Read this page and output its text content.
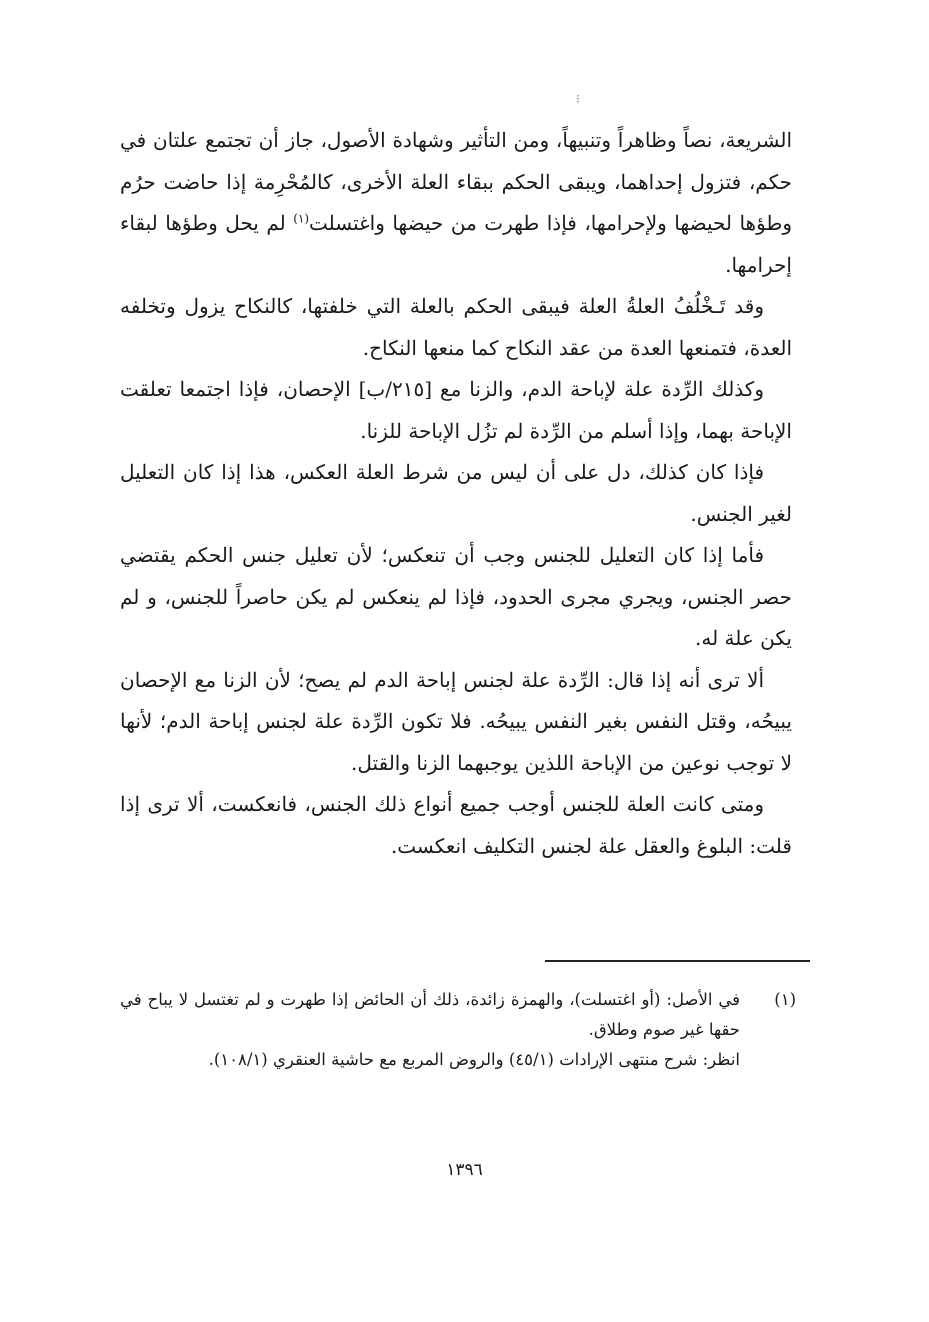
⁝

الشريعة، نصاً وظاهراً وتنبيهاً، ومن التأثير وشهادة الأصول، جاز أن تجتمع علتان في حكم، فتزول إحداهما، ويبقى الحكم ببقاء العلة الأخرى، كالمُحْرِمة إذا حاضت حرُم وطؤها لحيضها ولإحرامها، فإذا طهرت من حيضها واغتسلت$^{(١)}$ لم يحل وطؤها لبقاء إحرامها.

وقد تَـخْلُفُ العلةُ العلة فيبقى الحكم بالعلة التي خلفتها، كالنكاح يزول وتخلفه العدة، فتمنعها العدة من عقد النكاح كما منعها النكاح.

وكذلك الرِّدة علة لإباحة الدم، والزنا مع [٢١٥/ب] الإحصان، فإذا اجتمعا تعلقت الإباحة بهما، وإذا أسلم من الرِّدة لم تزُل الإباحة للزنا.

فإذا كان كذلك، دل على أن ليس من شرط العلة العكس، هذا إذا كان التعليل لغير الجنس.

فأما إذا كان التعليل للجنس وجب أن تنعكس؛ لأن تعليل جنس الحكم يقتضي حصر الجنس، ويجري مجرى الحدود، فإذا لم ينعكس لم يكن حاصراً للجنس، و لم يكن علة له.

ألا ترى أنه إذا قال: الرِّدة علة لجنس إباحة الدم لم يصح؛ لأن الزنا مع الإحصان يبيحُه، وقتل النفس بغير النفس يبيحُه. فلا تكون الرِّدة علة لجنس إباحة الدم؛ لأنها لا توجب نوعين من الإباحة اللذين يوجبهما الزنا والقتل.

ومتى كانت العلة للجنس أوجب جميع أنواع ذلك الجنس، فانعكست، ألا ترى إذا قلت: البلوغ والعقل علة لجنس التكليف انعكست.

(١)

في الأصل: (أو اغتسلت)، والهمزة زائدة، ذلك أن الحائض إذا طهرت و لم تغتسل لا يباح في حقها غير صوم وطلاق.

انظر: شرح منتهى الإرادات (٤٥/١) والروض المربع مع حاشية العنقري (١٠٨/١).

١٣٩٦
